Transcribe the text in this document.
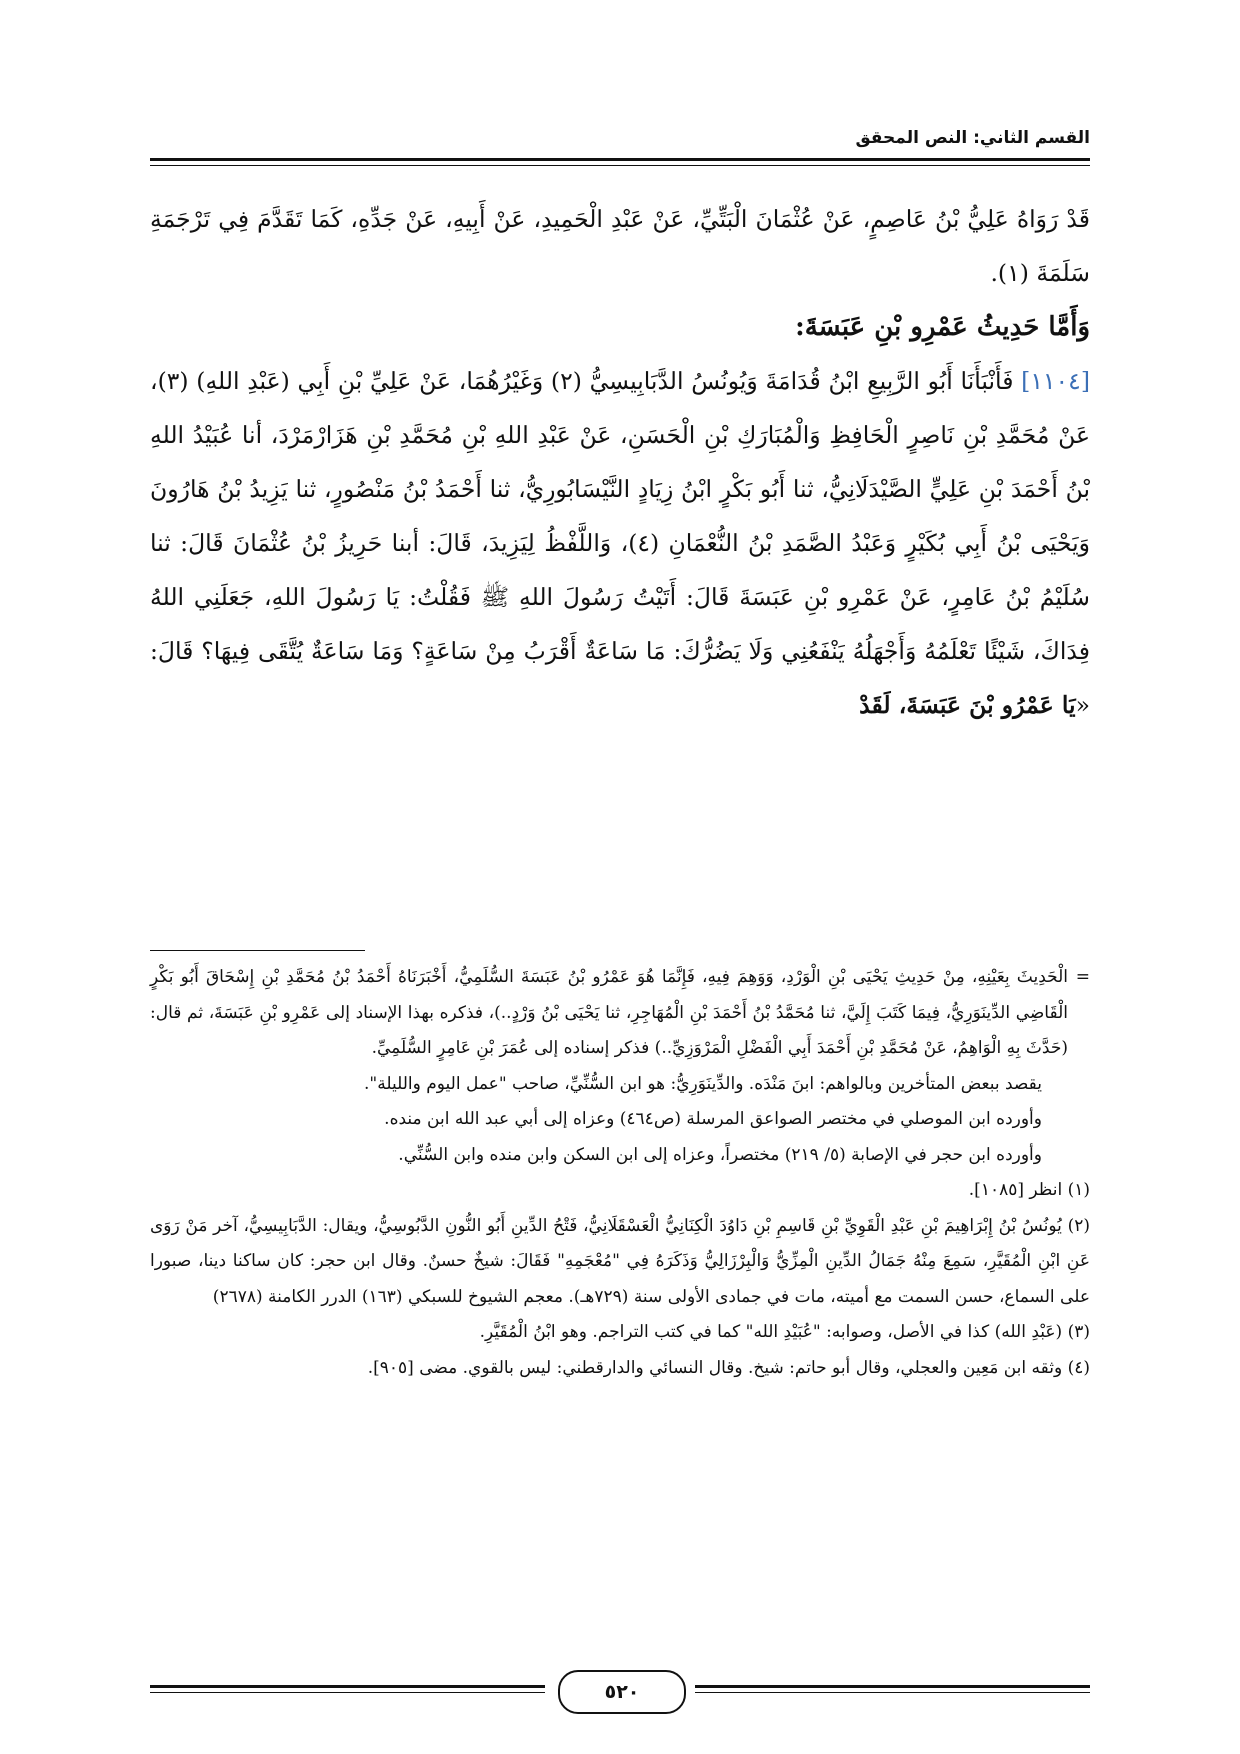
القسم الثاني: النص المحقق

قَدْ رَوَاهُ عَلِيُّ بْنُ عَاصِمٍ، عَنْ عُثْمَانَ الْبَتِّيِّ، عَنْ عَبْدِ الْحَمِيدِ، عَنْ أَبِيهِ، عَنْ جَدِّهِ، كَمَا تَقَدَّمَ فِي تَرْجَمَةِ سَلَمَةَ (١).

وَأَمَّا حَدِيثُ عَمْرِو بْنِ عَبَسَةَ:

[١١٠٤] فَأَنْبَأَنَا أَبُو الرَّبِيعِ ابْنُ قُدَامَةَ وَيُونُسُ الدَّبَابِيسِيُّ (٢) وَغَيْرُهُمَا، عَنْ عَلِيِّ بْنِ أَبِي (عَبْدِ اللهِ) (٣)، عَنْ مُحَمَّدِ بْنِ نَاصِرٍ الْحَافِظِ وَالْمُبَارَكِ بْنِ الْحَسَنِ، عَنْ عَبْدِ اللهِ بْنِ مُحَمَّدِ بْنِ هَزَارْمَرْدَ، أنا عُبَيْدُ اللهِ بْنُ أَحْمَدَ بْنِ عَلِيٍّ الصَّيْدَلَانِيُّ، ثنا أَبُو بَكْرٍ ابْنُ زِيَادٍ النَّيْسَابُورِيُّ، ثنا أَحْمَدُ بْنُ مَنْصُورٍ، ثنا يَزِيدُ بْنُ هَارُونَ وَيَحْيَى بْنُ أَبِي بُكَيْرٍ وَعَبْدُ الصَّمَدِ بْنُ النُّعْمَانِ (٤)، وَاللَّفْظُ لِيَزِيدَ، قَالَ: أبنا حَرِيزُ بْنُ عُثْمَانَ قَالَ: ثنا سُلَيْمُ بْنُ عَامِرٍ، عَنْ عَمْرِو بْنِ عَبَسَةَ قَالَ: أَتَيْتُ رَسُولَ اللهِ ﷺ فَقُلْتُ: يَا رَسُولَ اللهِ، جَعَلَنِي اللهُ فِدَاكَ، شَيْئًا تَعْلَمُهُ وَأَجْهَلُهُ يَنْفَعُنِي وَلَا يَضُرُّكَ: مَا سَاعَةٌ أَقْرَبُ مِنْ سَاعَةٍ؟ وَمَا سَاعَةٌ يُتَّقَى فِيهَا؟ قَالَ: «يَا عَمْرُو بْنَ عَبَسَةَ، لَقَدْ

= الْحَدِيثَ بِعَيْنِهِ، مِنْ حَدِيثِ يَحْيَى بْنِ الْوَرْدِ، وَوَهِمَ فِيهِ، فَإِنَّمَا هُوَ عَمْرُو بْنُ عَبَسَةَ السُّلَمِيُّ، أَخْبَرَنَاهُ أَحْمَدُ بْنُ مُحَمَّدِ بْنِ إِسْحَاقَ أَبُو بَكْرٍ الْقَاضِي الدِّينَوَرِيُّ، فِيمَا كَتَبَ إِلَيَّ، ثنا مُحَمَّدُ بْنُ أَحْمَدَ بْنِ الْمُهَاجِرِ، ثنا يَحْيَى بْنُ وَرْدٍ..)، فذكره بهذا الإسناد إلى عَمْرِو بْنِ عَبَسَةَ، ثم قال: (حَدَّثَ بِهِ الْوَاهِمُ، عَنْ مُحَمَّدِ بْنِ أَحْمَدَ أَبِي الْفَضْلِ الْمَرْوَزِيِّ..) فذكر إسناده إلى عُمَرَ بْنِ عَامِرٍ السُّلَمِيِّ.

يقصد ببعض المتأخرين وبالواهم: ابنَ مَنْدَه. والدِّينَوَرِيُّ: هو ابن السُّنِّيِّ، صاحب "عمل اليوم والليلة".

وأورده ابن الموصلي في مختصر الصواعق المرسلة (ص٤٦٤) وعزاه إلى أبي عبد الله ابن منده.

وأورده ابن حجر في الإصابة (٥/ ٢١٩) مختصراً، وعزاه إلى ابن السكن وابن منده وابن السُّنِّي.

(١) انظر [١٠٨٥].

(٢) يُونُسُ بْنُ إِبْرَاهِيمَ بْنِ عَبْدِ الْقَوِيِّ بْنِ قَاسِمِ بْنِ دَاوُدَ الْكِنَانِيُّ الْعَسْقَلَانِيُّ، فَتْحُ الدِّينِ أَبُو النُّونِ الدَّبُوسِيُّ، ويقال: الدَّبَابِيسِيُّ، آخر مَنْ رَوَى عَنِ ابْنِ الْمُقَيَّرِ، سَمِعَ مِنْهُ جَمَالُ الدِّينِ الْمِزِّيُّ وَالْبِرْزَالِيُّ وَذَكَرَهُ فِي "مُعْجَمِهِ" فَقَالَ: شيخٌ حسنٌ. وقال ابن حجر: كان ساكنا دينا، صبورا على السماع، حسن السمت مع أميته، مات في جمادى الأولى سنة (٧٢٩هـ). معجم الشيوخ للسبكي (١٦٣) الدرر الكامنة (٢٦٧٨)

(٣) (عَبْدِ الله) كذا في الأصل، وصوابه: "عُبَيْدِ الله" كما في كتب التراجم. وهو ابْنُ الْمُقَيَّرِ.

(٤) وثقه ابن مَعِين والعجلي، وقال أبو حاتم: شيخ. وقال النسائي والدارقطني: ليس بالقوي. مضى [٩٠٥].

٥٢٠
